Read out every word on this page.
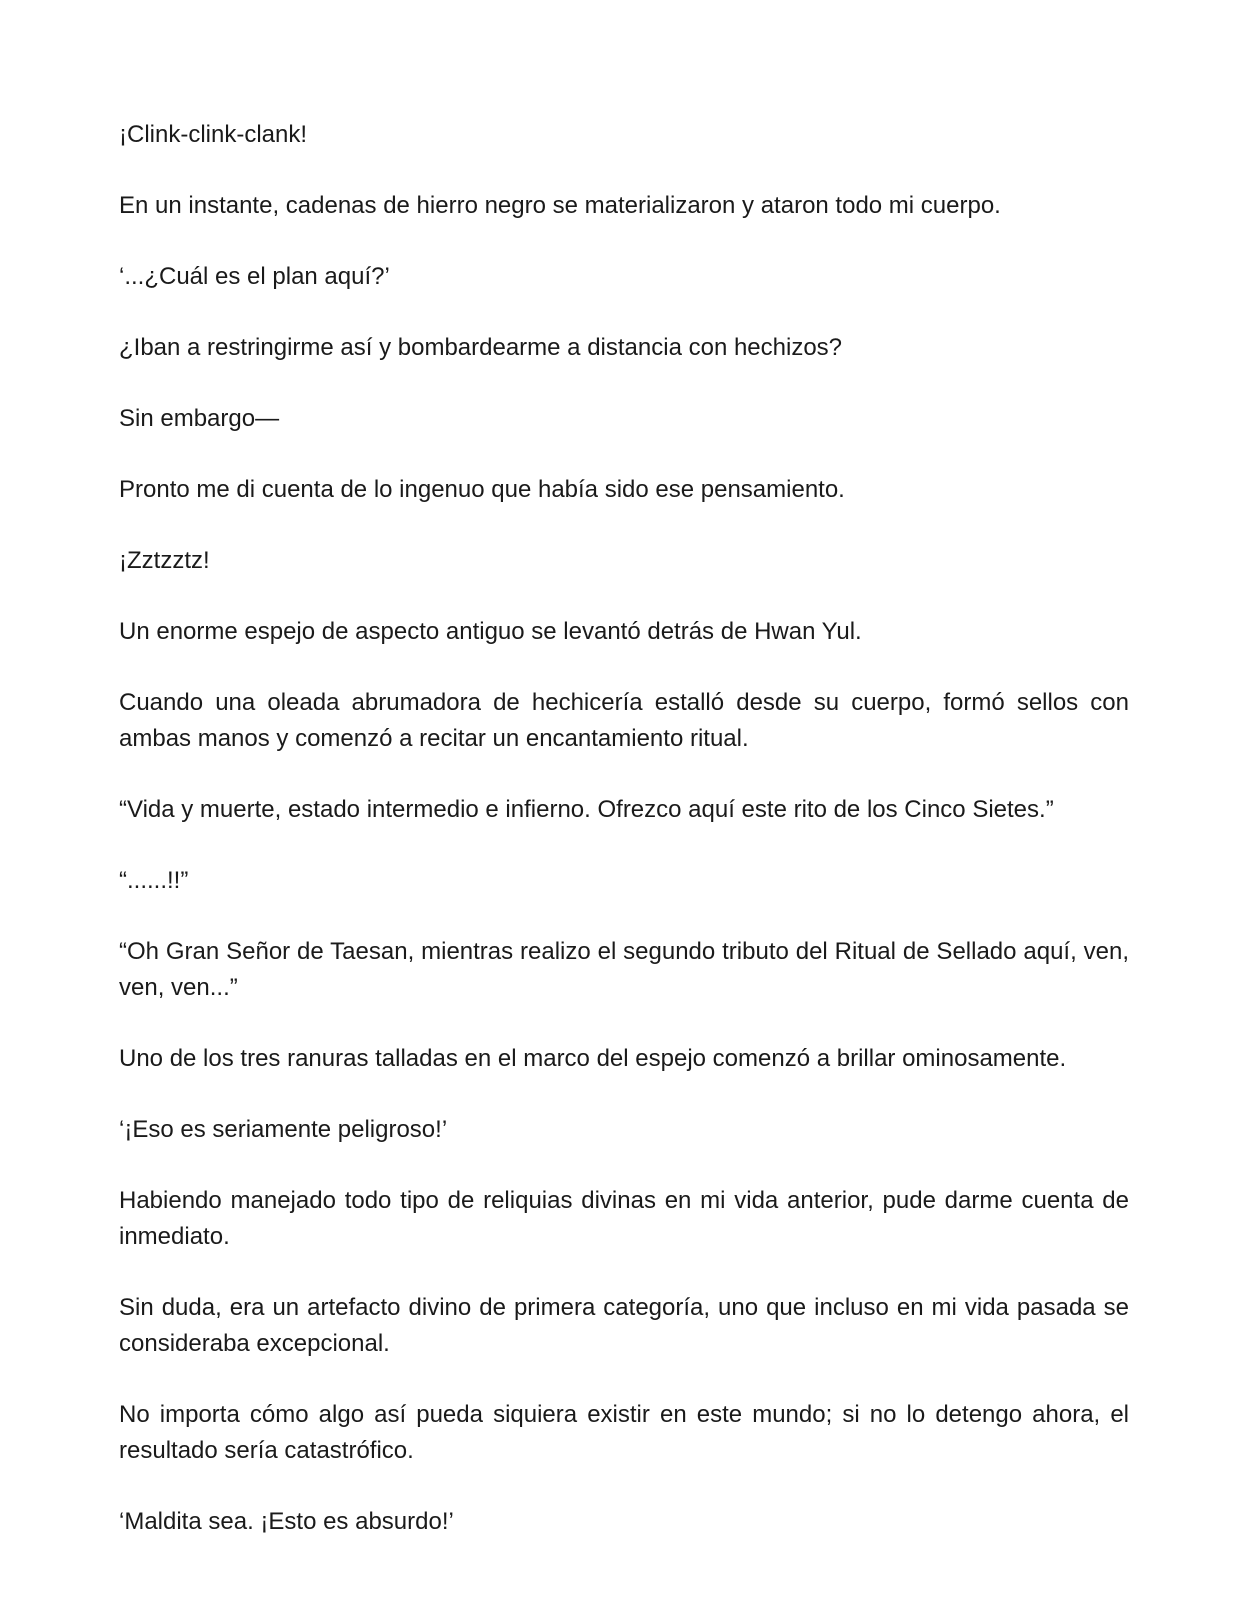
¡Clink-clink-clank!

En un instante, cadenas de hierro negro se materializaron y ataron todo mi cuerpo.

‘...¿Cuál es el plan aquí?’

¿Iban a restringirme así y bombardearme a distancia con hechizos?

Sin embargo—

Pronto me di cuenta de lo ingenuo que había sido ese pensamiento.

¡Zztzztz!

Un enorme espejo de aspecto antiguo se levantó detrás de Hwan Yul.

Cuando una oleada abrumadora de hechicería estalló desde su cuerpo, formó sellos con ambas manos y comenzó a recitar un encantamiento ritual.

“Vida y muerte, estado intermedio e infierno. Ofrezco aquí este rito de los Cinco Sietes.”

“......!!”

“Oh Gran Señor de Taesan, mientras realizo el segundo tributo del Ritual de Sellado aquí, ven, ven, ven...”

Uno de los tres ranuras talladas en el marco del espejo comenzó a brillar ominosamente.

‘¡Eso es seriamente peligroso!’

Habiendo manejado todo tipo de reliquias divinas en mi vida anterior, pude darme cuenta de inmediato.

Sin duda, era un artefacto divino de primera categoría, uno que incluso en mi vida pasada se consideraba excepcional.

No importa cómo algo así pueda siquiera existir en este mundo; si no lo detengo ahora, el resultado sería catastrófico.

‘Maldita sea. ¡Esto es absurdo!’
